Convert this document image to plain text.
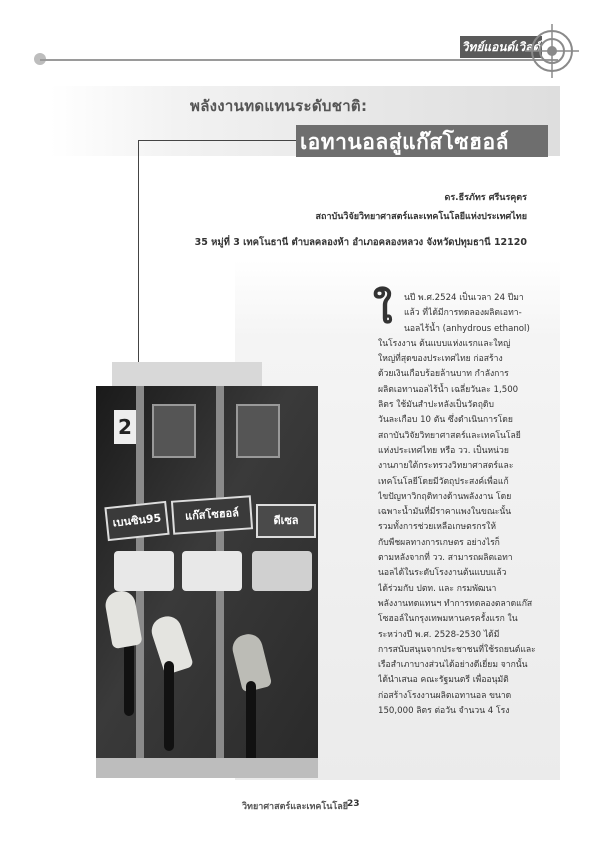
วิทย์แอนด์เวิลด์
พลังงานทดแทนระดับชาติ:
เอทานอลสู่แก๊สโซฮอล์
ดร.ธีรภัทร ศรีนรคุตร
สถาบันวิจัยวิทยาศาสตร์และเทคโนโลยีแห่งประเทศไทย
35 หมู่ที่ 3 เทคโนธานี ตำบลคลองห้า อำเภอคลองหลวง จังหวัดปทุมธานี 12120
2
เบนซิน95	แก๊สโซฮอล์	ดีเซล
ใ	นปี พ.ศ.2524 เป็นเวลา 24 ปีมา
แล้ว ที่ได้มีการทดลองผลิตเอทา-
นอลไร้น้ำ (anhydrous ethanol)
ในโรงงาน ต้นแบบแห่งแรกและใหญ่
ใหญ่ที่สุดของประเทศไทย ก่อสร้าง
ด้วยเงินเกือบร้อยล้านบาท กำลังการ
ผลิตเอทานอลไร้น้ำ เฉลี่ยวันละ 1,500
ลิตร ใช้มันสำปะหลังเป็นวัตถุดิบ
วันละเกือบ 10 ตัน ซึ่งดำเนินการโดย
สถาบันวิจัยวิทยาศาสตร์และเทคโนโลยี
แห่งประเทศไทย หรือ วว. เป็นหน่วย
งานภายใต้กระทรวงวิทยาศาสตร์และ
เทคโนโลยีโดยมีวัตถุประสงค์เพื่อแก้
ไขปัญหาวิกฤติทางด้านพลังงาน โดย
เฉพาะน้ำมันที่มีราคาแพงในขณะนั้น
รวมทั้งการช่วยเหลือเกษตรกรให้
กับพืชผลทางการเกษตร อย่างไรก็
ตามหลังจากที่ วว. สามารถผลิตเอทา
นอลได้ในระดับโรงงานต้นแบบแล้ว
ได้ร่วมกับ ปตท. และ กรมพัฒนา
พลังงานทดแทนฯ ทำการทดลองตลาดแก๊ส
โซฮอล์ในกรุงเทพมหานครครั้งแรก ใน
ระหว่างปี พ.ศ. 2528-2530 ได้มี
การสนับสนุนจากประชาชนที่ใช้รถยนต์และ
เรือสำเภาบางส่วนได้อย่างดีเยี่ยม จากนั้น
ได้นำเสนอ คณะรัฐมนตรี เพื่ออนุมัติ
ก่อสร้างโรงงานผลิตเอทานอล ขนาด
150,000 ลิตร ต่อวัน จำนวน 4 โรง
วิทยาศาสตร์และเทคโนโลยี
23
